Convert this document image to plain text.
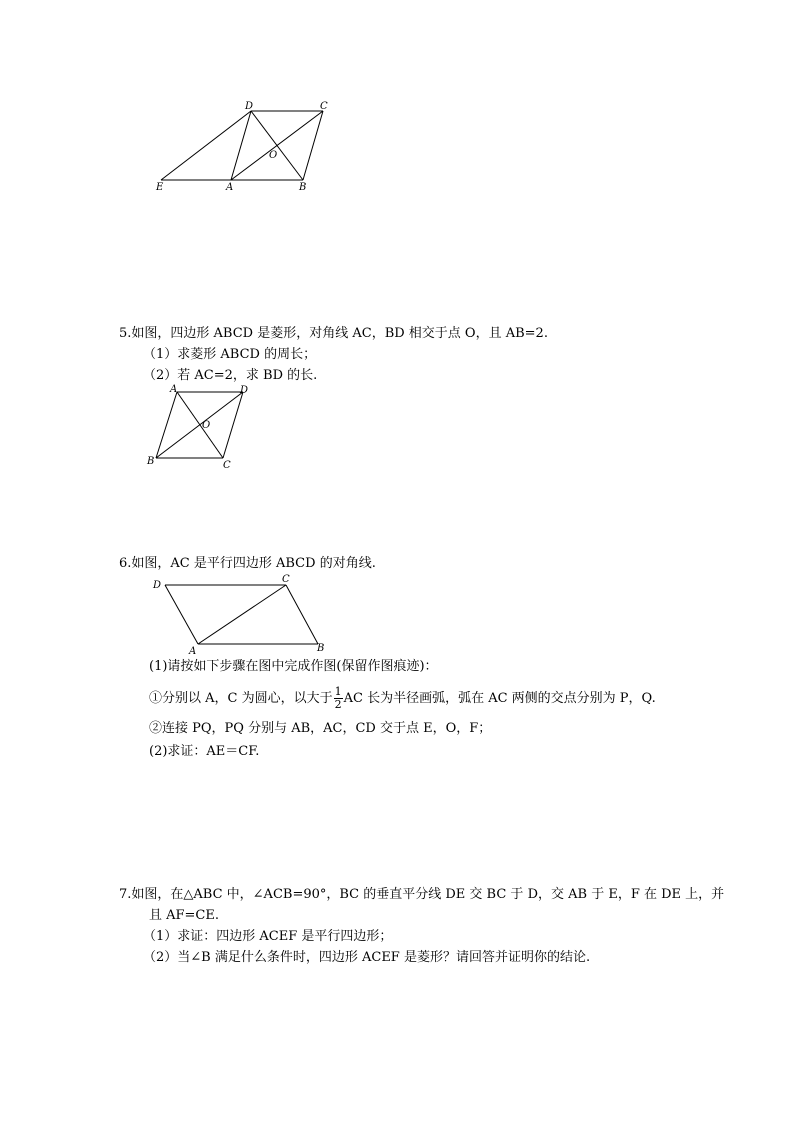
D	C
O
E	A	B
5.如图，四边形 ABCD 是菱形，对角线 AC，BD 相交于点 O，且 AB=2.
（1）求菱形 ABCD 的周长；
（2）若 AC=2，求 BD 的长.
A	D
O
B	C
6.如图，AC 是平行四边形 ABCD 的对角线.
D
C
A	B
(1)请按如下步骤在图中完成作图(保留作图痕迹)：
①分别以 A，C 为圆心，以大于 $\frac{1}{2}$ AC 长为半径画弧，弧在 AC 两侧的交点分别为 P，Q.
②连接 PQ，PQ 分别与 AB，AC，CD 交于点 E，O，F；
(2)求证：AE＝CF.
7.如图，在△ABC 中，∠ACB=90°，BC 的垂直平分线 DE 交 BC 于 D，交 AB 于 E，F 在 DE 上，并
且 AF=CE.
（1）求证：四边形 ACEF 是平行四边形；
（2）当∠B 满足什么条件时，四边形 ACEF 是菱形？请回答并证明你的结论.
